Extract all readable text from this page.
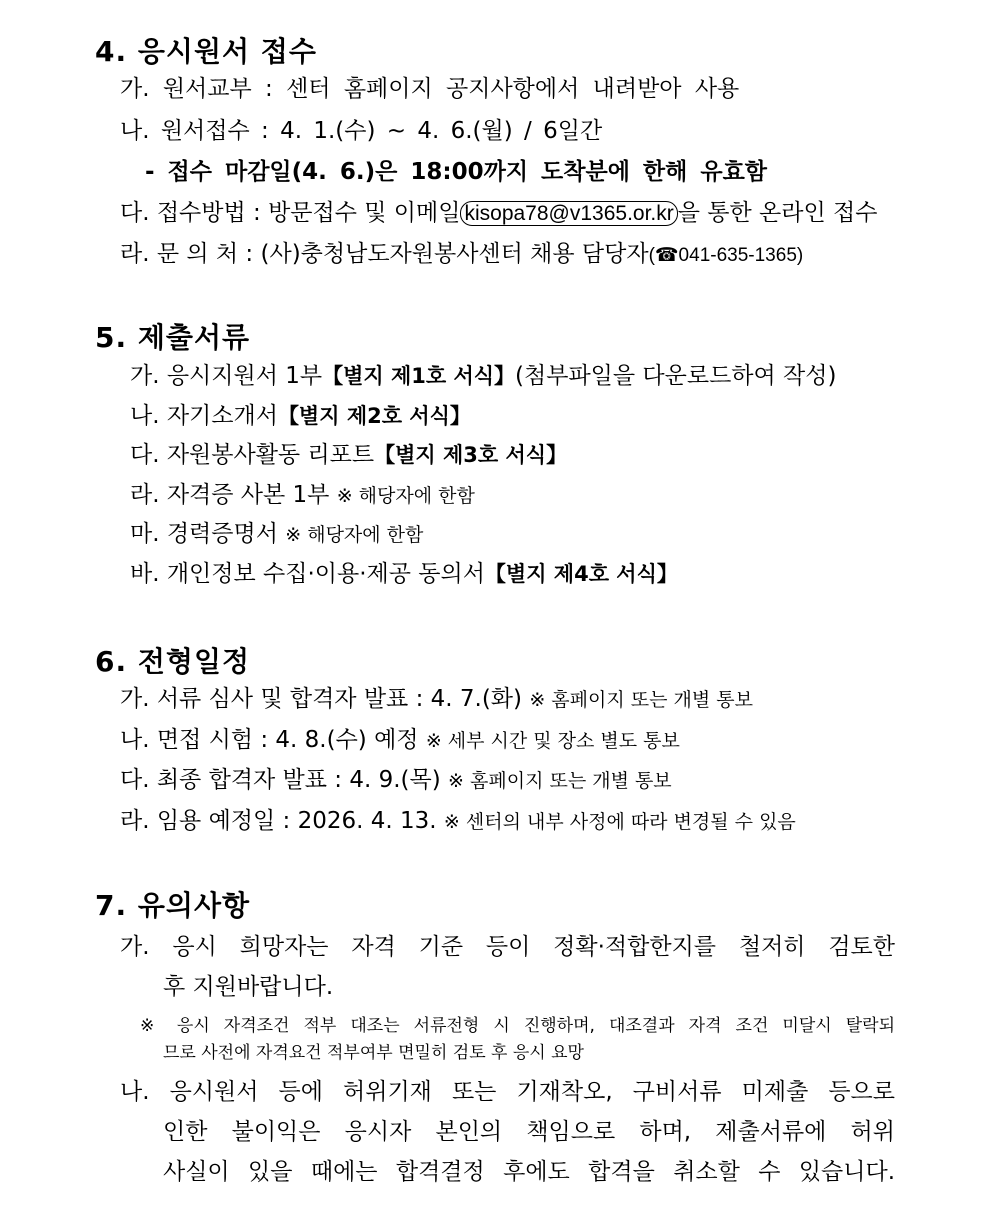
4. 응시원서 접수
가. 원서교부 : 센터 홈페이지 공지사항에서 내려받아 사용
나. 원서접수 : 4. 1.(수) ~ 4. 6.(월) / 6일간
- 접수 마감일(4. 6.)은 18:00까지 도착분에 한해 유효함
다. 접수방법 : 방문접수 및 이메일 kisopa78@v1365.or.kr 을 통한 온라인 접수
라. 문 의 처 : (사)충청남도자원봉사센터 채용 담당자(☎041-635-1365)
5. 제출서류
가. 응시지원서 1부【별지 제1호 서식】(첨부파일을 다운로드하여 작성)
나. 자기소개서【별지 제2호 서식】
다. 자원봉사활동 리포트【별지 제3호 서식】
라. 자격증 사본 1부 ※ 해당자에 한함
마. 경력증명서 ※ 해당자에 한함
바. 개인정보 수집·이용·제공 동의서【별지 제4호 서식】
6. 전형일정
가. 서류 심사 및 합격자 발표 : 4. 7.(화) ※ 홈페이지 또는 개별 통보
나. 면접 시험 : 4. 8.(수) 예정 ※ 세부 시간 및 장소 별도 통보
다. 최종 합격자 발표 : 4. 9.(목) ※ 홈페이지 또는 개별 통보
라. 임용 예정일 : 2026. 4. 13. ※ 센터의 내부 사정에 따라 변경될 수 있음
7. 유의사항
가. 응시 희망자는 자격 기준 등이 정확·적합한지를 철저히 검토한
후 지원바랍니다.
※ 응시 자격조건 적부 대조는 서류전형 시 진행하며, 대조결과 자격 조건 미달시 탈락되
므로 사전에 자격요건 적부여부 면밀히 검토 후 응시 요망
나. 응시원서 등에 허위기재 또는 기재착오, 구비서류 미제출 등으로
인한 불이익은 응시자 본인의 책임으로 하며, 제출서류에 허위
사실이 있을 때에는 합격결정 후에도 합격을 취소할 수 있습니다.
